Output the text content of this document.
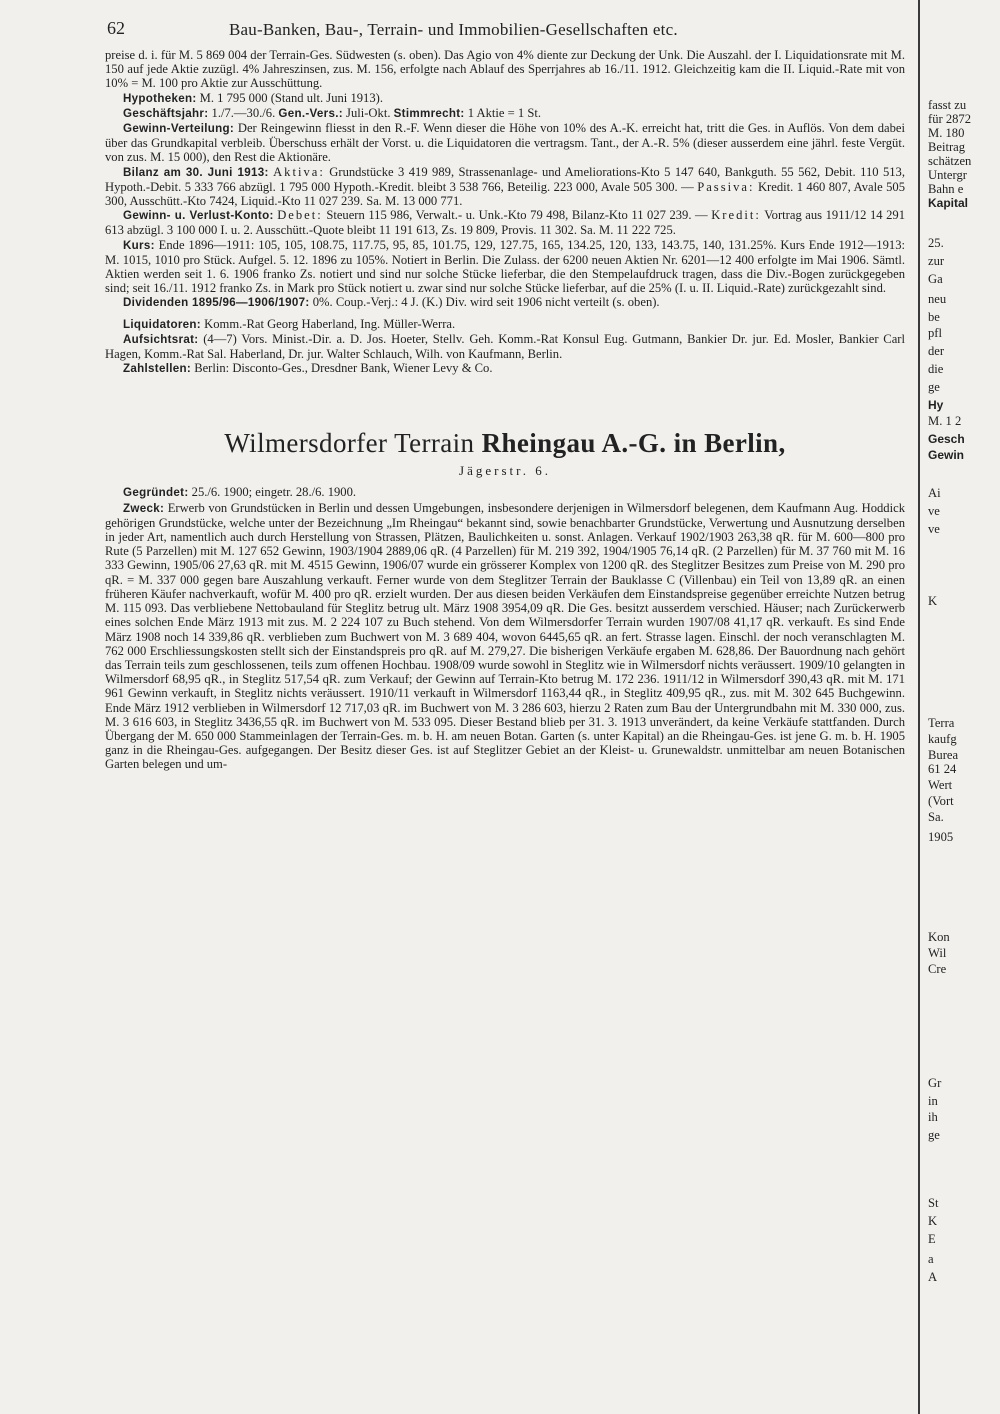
62	Bau-Banken, Bau-, Terrain- und Immobilien-Gesellschaften etc.

preise d. i. für M. 5 869 004 der Terrain-Ges. Südwesten (s. oben). Das Agio von 4% diente zur Deckung der Unk. Die Auszahl. der I. Liquidationsrate mit M. 150 auf jede Aktie zuzügl. 4% Jahreszinsen, zus. M. 156, erfolgte nach Ablauf des Sperrjahres ab 16./11. 1912. Gleichzeitig kam die II. Liquid.-Rate mit von 10% = M. 100 pro Aktie zur Ausschüttung.

Hypotheken: M. 1 795 000 (Stand ult. Juni 1913).

Geschäftsjahr: 1./7.—30./6. Gen.-Vers.: Juli-Okt. Stimmrecht: 1 Aktie = 1 St.

Gewinn-Verteilung: Der Reingewinn fliesst in den R.-F. Wenn dieser die Höhe von 10% des A.-K. erreicht hat, tritt die Ges. in Auflös. Von dem dabei über das Grundkapital verbleib. Überschuss erhält der Vorst. u. die Liquidatoren die vertragsm. Tant., der A.-R. 5% (dieser ausserdem eine jährl. feste Vergüt. von zus. M. 15 000), den Rest die Aktionäre.

Bilanz am 30. Juni 1913: Aktiva: Grundstücke 3 419 989, Strassenanlage- und Ameliorations-Kto 5 147 640, Bankguth. 55 562, Debit. 110 513, Hypoth.-Debit. 5 333 766 abzügl. 1 795 000 Hypoth.-Kredit. bleibt 3 538 766, Beteilig. 223 000, Avale 505 300. — Passiva: Kredit. 1 460 807, Avale 505 300, Ausschütt.-Kto 7424, Liquid.-Kto 11 027 239. Sa. M. 13 000 771.

Gewinn- u. Verlust-Konto: Debet: Steuern 115 986, Verwalt.- u. Unk.-Kto 79 498, Bilanz-Kto 11 027 239. — Kredit: Vortrag aus 1911/12 14 291 613 abzügl. 3 100 000 I. u. 2. Ausschütt.-Quote bleibt 11 191 613, Zs. 19 809, Provis. 11 302. Sa. M. 11 222 725.

Kurs: Ende 1896—1911: 105, 105, 108.75, 117.75, 95, 85, 101.75, 129, 127.75, 165, 134.25, 120, 133, 143.75, 140, 131.25%. Kurs Ende 1912—1913: M. 1015, 1010 pro Stück. Aufgel. 5. 12. 1896 zu 105%. Notiert in Berlin. Die Zulass. der 6200 neuen Aktien Nr. 6201—12 400 erfolgte im Mai 1906. Sämtl. Aktien werden seit 1. 6. 1906 franko Zs. notiert und sind nur solche Stücke lieferbar, die den Stempelaufdruck tragen, dass die Div.-Bogen zurückgegeben sind; seit 16./11. 1912 franko Zs. in Mark pro Stück notiert u. zwar sind nur solche Stücke lieferbar, auf die 25% (I. u. II. Liquid.-Rate) zurückgezahlt sind.

Dividenden 1895/96—1906/1907: 0%. Coup.-Verj.: 4 J. (K.) Div. wird seit 1906 nicht verteilt (s. oben).

Liquidatoren: Komm.-Rat Georg Haberland, Ing. Müller-Werra.

Aufsichtsrat: (4—7) Vors. Minist.-Dir. a. D. Jos. Hoeter, Stellv. Geh. Komm.-Rat Konsul Eug. Gutmann, Bankier Dr. jur. Ed. Mosler, Bankier Carl Hagen, Komm.-Rat Sal. Haberland, Dr. jur. Walter Schlauch, Wilh. von Kaufmann, Berlin.

Zahlstellen: Berlin: Disconto-Ges., Dresdner Bank, Wiener Levy & Co.

Wilmersdorfer Terrain Rheingau A.-G. in Berlin,
Jägerstr. 6.

Gegründet: 25./6. 1900; eingetr. 28./6. 1900.

Zweck: Erwerb von Grundstücken in Berlin und dessen Umgebungen, insbesondere derjenigen in Wilmersdorf belegenen, dem Kaufmann Aug. Hoddick gehörigen Grundstücke, welche unter der Bezeichnung „Im Rheingau“ bekannt sind, sowie benachbarter Grundstücke, Verwertung und Ausnutzung derselben in jeder Art, namentlich auch durch Herstellung von Strassen, Plätzen, Baulichkeiten u. sonst. Anlagen. Verkauf 1902/1903 263,38 qR. für M. 600—800 pro Rute (5 Parzellen) mit M. 127 652 Gewinn, 1903/1904 2889,06 qR. (4 Parzellen) für M. 219 392, 1904/1905 76,14 qR. (2 Parzellen) für M. 37 760 mit M. 16 333 Gewinn, 1905/06 27,63 qR. mit M. 4515 Gewinn, 1906/07 wurde ein grösserer Komplex von 1200 qR. des Steglitzer Besitzes zum Preise von M. 290 pro qR. = M. 337 000 gegen bare Auszahlung verkauft. Ferner wurde von dem Steglitzer Terrain der Bauklasse C (Villenbau) ein Teil von 13,89 qR. an einen früheren Käufer nachverkauft, wofür M. 400 pro qR. erzielt wurden. Der aus diesen beiden Verkäufen dem Einstandspreise gegenüber erreichte Nutzen betrug M. 115 093. Das verbliebene Nettobauland für Steglitz betrug ult. März 1908 3954,09 qR. Die Ges. besitzt ausserdem verschied. Häuser; nach Zurückerwerb eines solchen Ende März 1913 mit zus. M. 2 224 107 zu Buch stehend. Von dem Wilmersdorfer Terrain wurden 1907/08 41,17 qR. verkauft. Es sind Ende März 1908 noch 14 339,86 qR. verblieben zum Buchwert von M. 3 689 404, wovon 6445,65 qR. an fert. Strasse lagen. Einschl. der noch veranschlagten M. 762 000 Erschliessungskosten stellt sich der Einstandspreis pro qR. auf M. 279,27. Die bisherigen Verkäufe ergaben M. 628,86. Der Bauordnung nach gehört das Terrain teils zum geschlossenen, teils zum offenen Hochbau. 1908/09 wurde sowohl in Steglitz wie in Wilmersdorf nichts veräussert. 1909/10 gelangten in Wilmersdorf 68,95 qR., in Steglitz 517,54 qR. zum Verkauf; der Gewinn auf Terrain-Kto betrug M. 172 236. 1911/12 in Wilmersdorf 390,43 qR. mit M. 171 961 Gewinn verkauft, in Steglitz nichts veräussert. 1910/11 verkauft in Wilmersdorf 1163,44 qR., in Steglitz 409,95 qR., zus. mit M. 302 645 Buchgewinn. Ende März 1912 verblieben in Wilmersdorf 12 717,03 qR. im Buchwert von M. 3 286 603, hierzu 2 Raten zum Bau der Untergrundbahn mit M. 330 000, zus. M. 3 616 603, in Steglitz 3436,55 qR. im Buchwert von M. 533 095. Dieser Bestand blieb per 31. 3. 1913 unverändert, da keine Verkäufe stattfanden. Durch Übergang der M. 650 000 Stammeinlagen der Terrain-Ges. m. b. H. am neuen Botan. Garten (s. unter Kapital) an die Rheingau-Ges. ist jene G. m. b. H. 1905 ganz in die Rheingau-Ges. aufgegangen. Der Besitz dieser Ges. ist auf Steglitzer Gebiet an der Kleist- u. Grunewaldstr. unmittelbar am neuen Botanischen Garten belegen und um-

fasst zu
für 2872
M. 180
Beitrag
schätzen
Untergr
Bahn e
Kapital
25.
zur
Ga
neu
be
pfl
der
die
ge
Hy
M. 1 2
Gesch
Gewin
Ai
ve
ve
K
Terra
kaufg
Burea
61 24
Wert
(Vort
Sa.
1905
Kon
Wil
Cre
Gr
in
ih
ge
St
K
E
a
A
